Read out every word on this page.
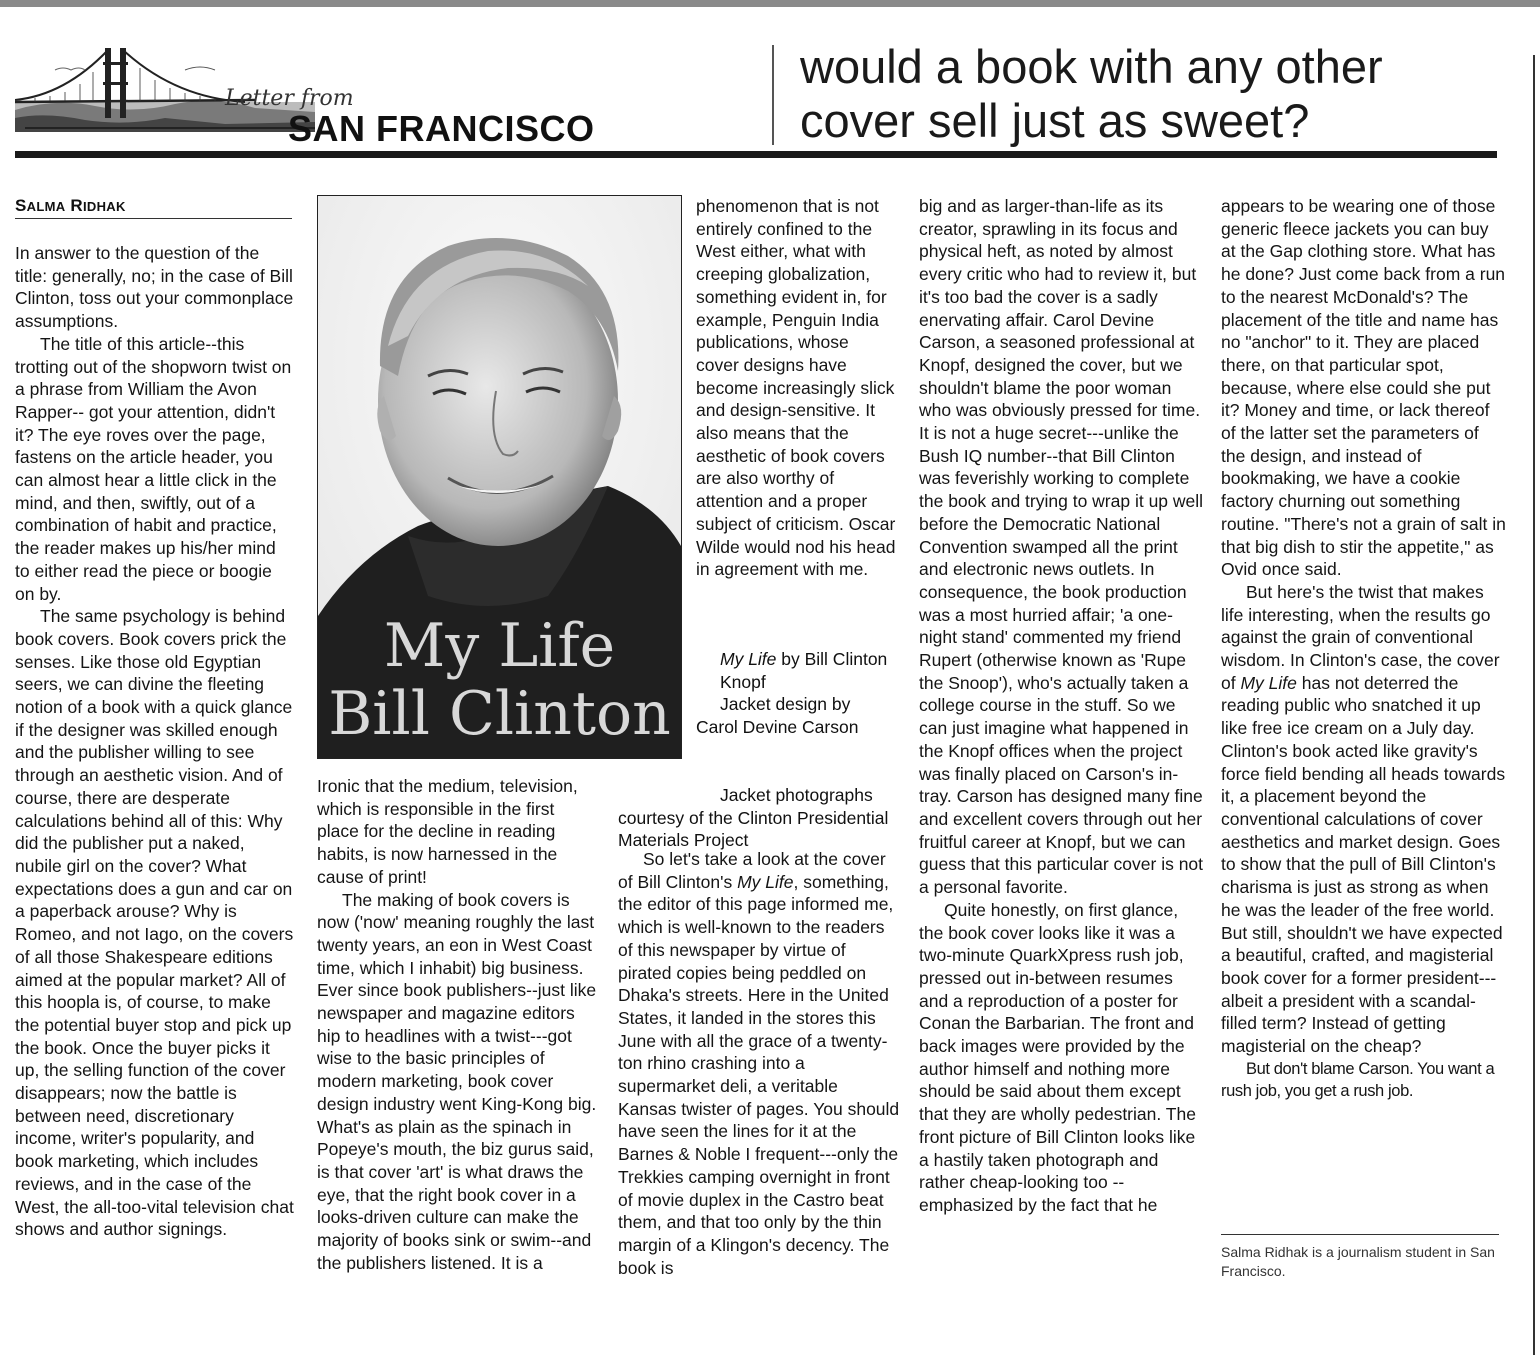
Letter from
SAN FRANCISCO
would a book with any other
cover sell just as sweet?
SALMA RIDHAK

In answer to the question of the title: generally, no; in the case of Bill Clinton, toss out your commonplace assumptions.

The title of this article--this trotting out of the shopworn twist on a phrase from William the Avon Rapper-- got your attention, didn't it? The eye roves over the page, fastens on the article header, you can almost hear a little click in the mind, and then, swiftly, out of a combination of habit and practice, the reader makes up his/her mind to either read the piece or boogie on by.

The same psychology is behind book covers. Book covers prick the senses. Like those old Egyptian seers, we can divine the fleeting notion of a book with a quick glance if the designer was skilled enough and the publisher willing to see through an aesthetic vision. And of course, there are desperate calculations behind all of this: Why did the publisher put a naked, nubile girl on the cover? What expectations does a gun and car on a paperback arouse? Why is Romeo, and not Iago, on the covers of all those Shakespeare editions aimed at the popular market? All of this hoopla is, of course, to make the potential buyer stop and pick up the book. Once the buyer picks it up, the selling function of the cover disappears; now the battle is between need, discretionary income, writer's popularity, and book marketing, which includes reviews, and in the case of the West, the all-too-vital television chat shows and author signings.

My Life
Bill Clinton

Ironic that the medium, television, which is responsible in the first place for the decline in reading habits, is now harnessed in the cause of print!

The making of book covers is now ('now' meaning roughly the last twenty years, an eon in West Coast time, which I inhabit) big business. Ever since book publishers--just like newspaper and magazine editors hip to headlines with a twist---got wise to the basic principles of modern marketing, book cover design industry went King-Kong big. What's as plain as the spinach in Popeye's mouth, the biz gurus said, is that cover 'art' is what draws the eye, that the right book cover in a looks-driven culture can make the majority of books sink or swim--and the publishers listened. It is a

phenomenon that is not entirely confined to the West either, what with creeping globalization, something evident in, for example, Penguin India publications, whose cover designs have become increasingly slick and design-sensitive. It also means that the aesthetic of book covers are also worthy of attention and a proper subject of criticism. Oscar Wilde would nod his head in agreement with me.

My Life by Bill Clinton
Knopf
Jacket design by Carol Devine Carson
Jacket photographs courtesy of the Clinton Presidential Materials Project

So let's take a look at the cover of Bill Clinton's My Life, something, the editor of this page informed me, which is well-known to the readers of this newspaper by virtue of pirated copies being peddled on Dhaka's streets. Here in the United States, it landed in the stores this June with all the grace of a twenty-ton rhino crashing into a supermarket deli, a veritable Kansas twister of pages. You should have seen the lines for it at the Barnes & Noble I frequent---only the Trekkies camping overnight in front of movie duplex in the Castro beat them, and that too only by the thin margin of a Klingon's decency. The book is

big and as larger-than-life as its creator, sprawling in its focus and physical heft, as noted by almost every critic who had to review it, but it's too bad the cover is a sadly enervating affair. Carol Devine Carson, a seasoned professional at Knopf, designed the cover, but we shouldn't blame the poor woman who was obviously pressed for time. It is not a huge secret---unlike the Bush IQ number--that Bill Clinton was feverishly working to complete the book and trying to wrap it up well before the Democratic National Convention swamped all the print and electronic news outlets. In consequence, the book production was a most hurried affair; 'a one-night stand' commented my friend Rupert (otherwise known as 'Rupe the Snoop'), who's actually taken a college course in the stuff. So we can just imagine what happened in the Knopf offices when the project was finally placed on Carson's in-tray. Carson has designed many fine and excellent covers through out her fruitful career at Knopf, but we can guess that this particular cover is not a personal favorite.

Quite honestly, on first glance, the book cover looks like it was a two-minute QuarkXpress rush job, pressed out in-between resumes and a reproduction of a poster for Conan the Barbarian. The front and back images were provided by the author himself and nothing more should be said about them except that they are wholly pedestrian. The front picture of Bill Clinton looks like a hastily taken photograph and rather cheap-looking too --emphasized by the fact that he

appears to be wearing one of those generic fleece jackets you can buy at the Gap clothing store. What has he done? Just come back from a run to the nearest McDonald's? The placement of the title and name has no "anchor" to it. They are placed there, on that particular spot, because, where else could she put it? Money and time, or lack thereof of the latter set the parameters of the design, and instead of bookmaking, we have a cookie factory churning out something routine. "There's not a grain of salt in that big dish to stir the appetite," as Ovid once said.

But here's the twist that makes life interesting, when the results go against the grain of conventional wisdom. In Clinton's case, the cover of My Life has not deterred the reading public who snatched it up like free ice cream on a July day. Clinton's book acted like gravity's force field bending all heads towards it, a placement beyond the conventional calculations of cover aesthetics and market design. Goes to show that the pull of Bill Clinton's charisma is just as strong as when he was the leader of the free world. But still, shouldn't we have expected a beautiful, crafted, and magisterial book cover for a former president---albeit a president with a scandal-filled term? Instead of getting magisterial on the cheap?

But don't blame Carson. You want a rush job, you get a rush job.

Salma Ridhak is a journalism student in San Francisco.
